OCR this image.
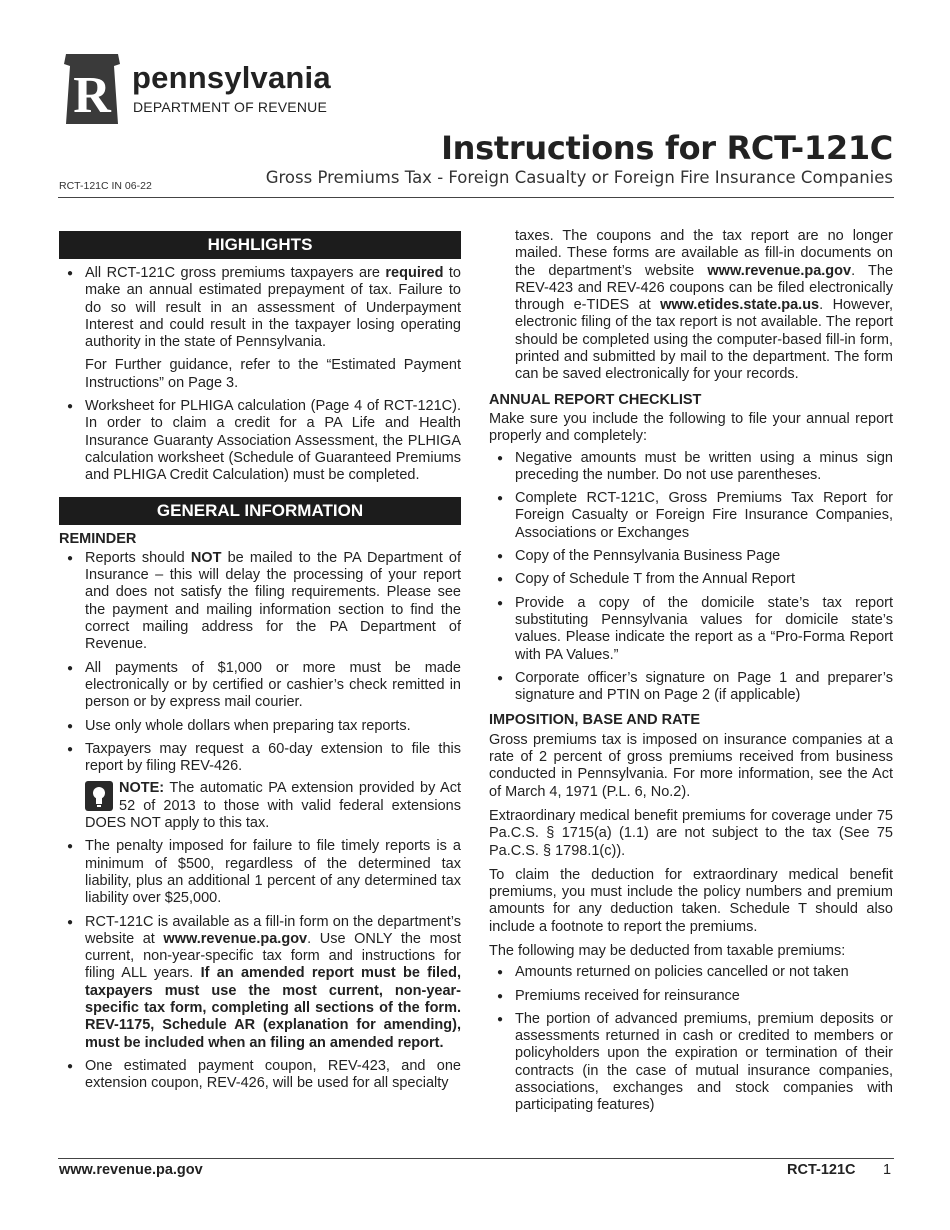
R pennsylvania
DEPARTMENT OF REVENUE
Instructions for RCT-121C
Gross Premiums Tax - Foreign Casualty or Foreign Fire Insurance Companies
RCT-121C IN 06-22
HIGHLIGHTS
● All RCT-121C gross premiums taxpayers are required to make an annual estimated prepayment of tax. Failure to do so will result in an assessment of Underpayment Interest and could result in the taxpayer losing operating authority in the state of Pennsylvania.
For Further guidance, refer to the “Estimated Payment Instructions” on Page 3.
● Worksheet for PLHIGA calculation (Page 4 of RCT-121C). In order to claim a credit for a PA Life and Health Insurance Guaranty Association Assessment, the PLHIGA calculation worksheet (Schedule of Guaranteed Premiums and PLHIGA Credit Calculation) must be completed.
GENERAL INFORMATION
REMINDER
● Reports should NOT be mailed to the PA Department of Insurance – this will delay the processing of your report and does not satisfy the filing requirements. Please see the payment and mailing information section to find the correct mailing address for the PA Department of Revenue.
● All payments of $1,000 or more must be made electronically or by certified or cashier’s check remitted in person or by express mail courier.
● Use only whole dollars when preparing tax reports.
● Taxpayers may request a 60-day extension to file this report by filing REV-426.
NOTE: The automatic PA extension provided by Act 52 of 2013 to those with valid federal extensions DOES NOT apply to this tax.
● The penalty imposed for failure to file timely reports is a minimum of $500, regardless of the determined tax liability, plus an additional 1 percent of any determined tax liability over $25,000.
● RCT-121C is available as a fill-in form on the department’s website at www.revenue.pa.gov. Use ONLY the most current, non-year-specific tax form and instructions for filing ALL years. If an amended report must be filed, taxpayers must use the most current, non-year-specific tax form, completing all sections of the form. REV-1175, Schedule AR (explanation for amending), must be included when an filing an amended report.
● One estimated payment coupon, REV-423, and one extension coupon, REV-426, will be used for all specialty
taxes. The coupons and the tax report are no longer mailed. These forms are available as fill-in documents on the department’s website www.revenue.pa.gov. The REV-423 and REV-426 coupons can be filed electronically through e-TIDES at www.etides.state.pa.us. However, electronic filing of the tax report is not available. The report should be completed using the computer-based fill-in form, printed and submitted by mail to the department. The form can be saved electronically for your records.
ANNUAL REPORT CHECKLIST
Make sure you include the following to file your annual report properly and completely:
● Negative amounts must be written using a minus sign preceding the number. Do not use parentheses.
● Complete RCT-121C, Gross Premiums Tax Report for Foreign Casualty or Foreign Fire Insurance Companies, Associations or Exchanges
● Copy of the Pennsylvania Business Page
● Copy of Schedule T from the Annual Report
● Provide a copy of the domicile state’s tax report substituting Pennsylvania values for domicile state’s values. Please indicate the report as a “Pro-Forma Report with PA Values.”
● Corporate officer’s signature on Page 1 and preparer’s signature and PTIN on Page 2 (if applicable)
IMPOSITION, BASE AND RATE
Gross premiums tax is imposed on insurance companies at a rate of 2 percent of gross premiums received from business conducted in Pennsylvania. For more information, see the Act of March 4, 1971 (P.L. 6, No.2).
Extraordinary medical benefit premiums for coverage under 75 Pa.C.S. § 1715(a) (1.1) are not subject to the tax (See 75 Pa.C.S. § 1798.1(c)).
To claim the deduction for extraordinary medical benefit premiums, you must include the policy numbers and premium amounts for any deduction taken. Schedule T should also include a footnote to report the premiums.
The following may be deducted from taxable premiums:
● Amounts returned on policies cancelled or not taken
● Premiums received for reinsurance
● The portion of advanced premiums, premium deposits or assessments returned in cash or credited to members or policyholders upon the expiration or termination of their contracts (in the case of mutual insurance companies, associations, exchanges and stock companies with participating features)
www.revenue.pa.gov	RCT-121C 1
